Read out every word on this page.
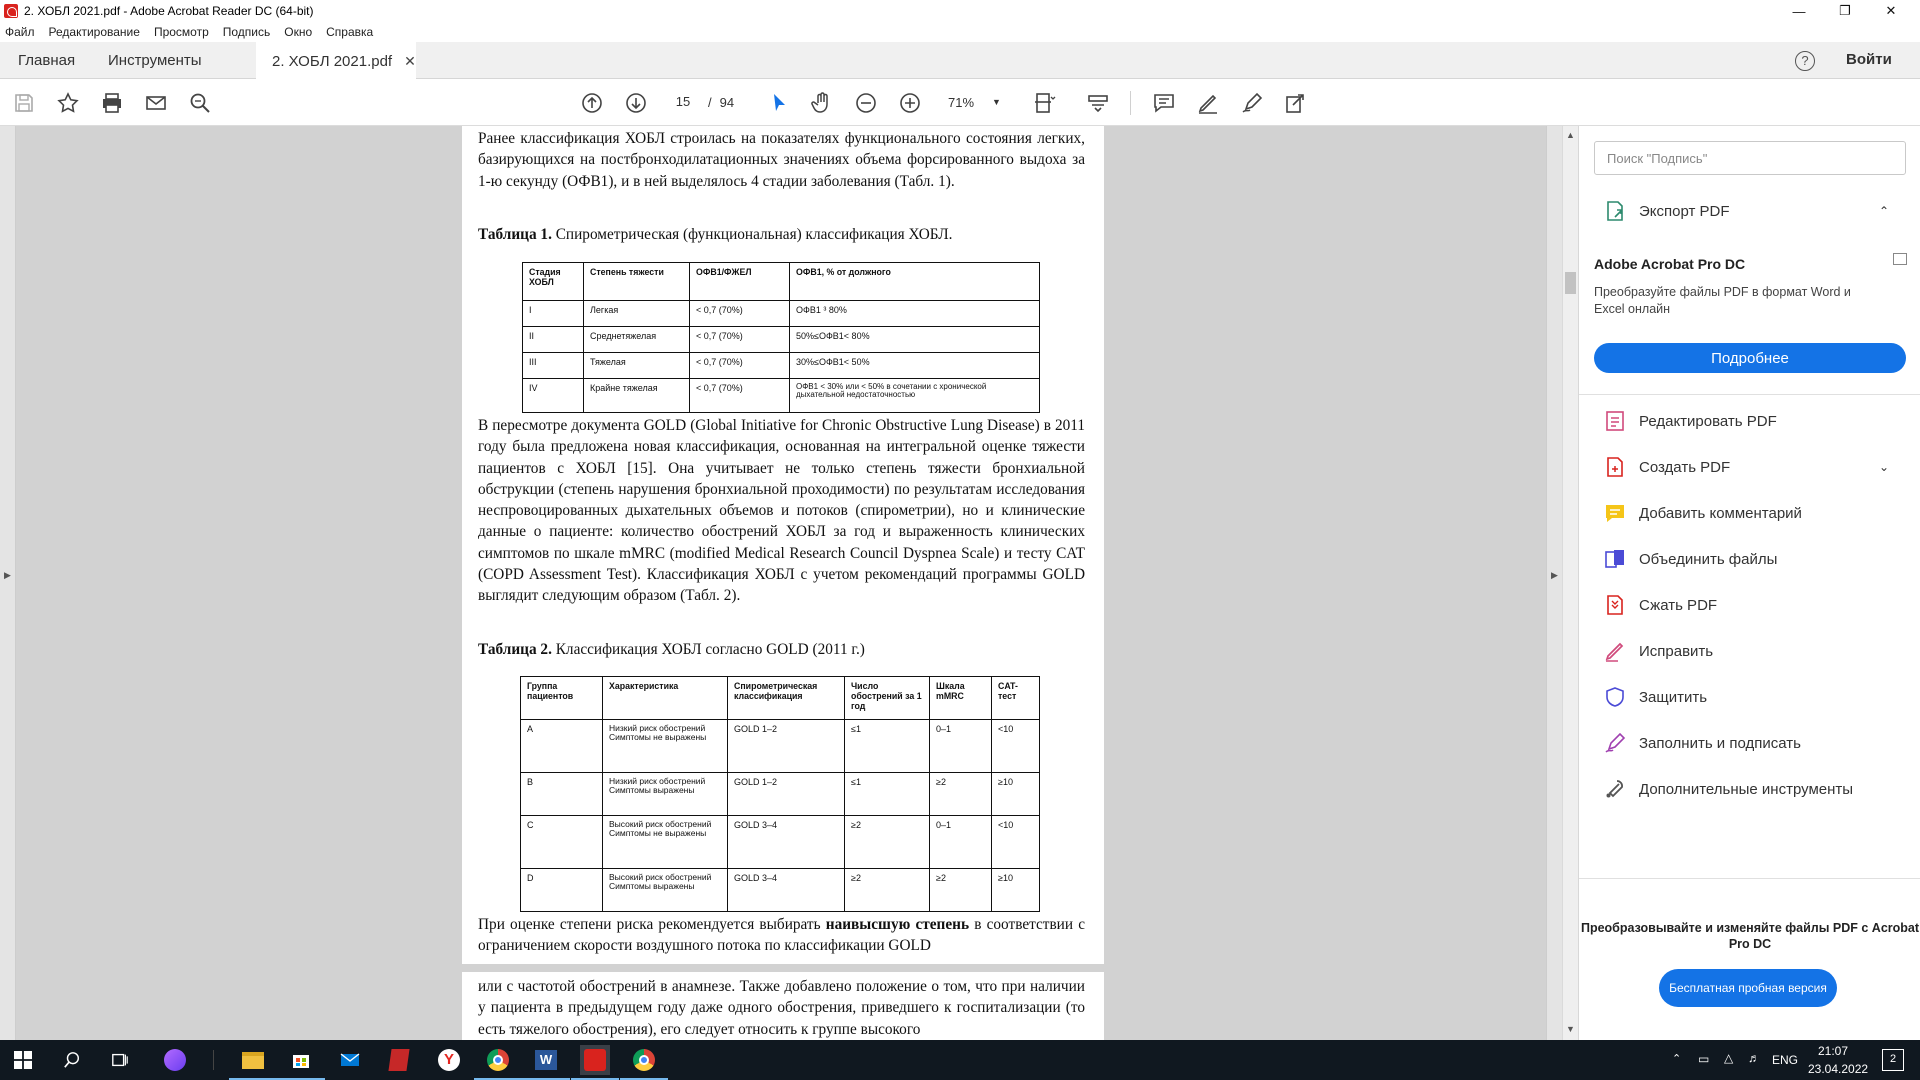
2. ХОБЛ 2021.pdf - Adobe Acrobat Reader DC (64-bit)	—	❐	✕
Файл Редактирование Просмотр Подпись Окно Справка
Главная Инструменты	2. ХОБЛ 2021.pdf ✕	?	Войти
15	/ 94	71% ▼
▶
Ранее классификация ХОБЛ строилась на показателях функционального состояния легких, базирующихся на постбронходилатационных значениях объема форсированного выдоха за 1-ю секунду (ОФВ1), и в ней выделялось 4 стадии заболевания (Табл. 1).
Таблица 1. Спирометрическая (функциональная) классификация ХОБЛ.
Стадия ХОБЛ	Степень тяжести	ОФВ1/ФЖЕЛ	ОФВ1, % от должного
I	Легкая	< 0,7 (70%)	ОФВ1 ³ 80%
II	Среднетяжелая	< 0,7 (70%)	50%≤ОФВ1< 80%
III	Тяжелая	< 0,7 (70%)	30%≤ОФВ1< 50%
IV	Крайне тяжелая	< 0,7 (70%)	ОФВ1 < 30% или < 50% в сочетании с хронической дыхательной недостаточностью
В пересмотре документа GOLD (Global Initiative for Chronic Obstructive Lung Disease) в 2011 году была предложена новая классификация, основанная на интегральной оценке тяжести пациентов с ХОБЛ [15]. Она учитывает не только степень тяжести бронхиальной обструкции (степень нарушения бронхиальной проходимости) по результатам исследования неспровоцированных дыхательных объемов и потоков (спирометрии), но и клинические данные о пациенте: количество обострений ХОБЛ за год и выраженность клинических симптомов по шкале mMRC (modified Medical Research Council Dyspnea Scale) и тесту CAT (COPD Assessment Test). Классификация ХОБЛ с учетом рекомендаций программы GOLD выглядит следующим образом (Табл. 2).
Таблица 2. Классификация ХОБЛ согласно GOLD (2011 г.)
Группа пациентов	Характеристика	Спирометрическая классификация	Число обострений за 1 год	Шкала mMRC	CAT-тест
A	Низкий риск обострений Симптомы не выражены	GOLD 1–2	≤1	0–1	<10
B	Низкий риск обострений Симптомы выражены	GOLD 1–2	≤1	≥2	≥10
C	Высокий риск обострений Симптомы не выражены	GOLD 3–4	≥2	0–1	<10
D	Высокий риск обострений Симптомы выражены	GOLD 3–4	≥2	≥2	≥10
При оценке степени риска рекомендуется выбирать наивысшую степень в соответствии с ограничением скорости воздушного потока по классификации GOLD
или с частотой обострений в анамнезе. Также добавлено положение о том, что при наличии у пациента в предыдущем году даже одного обострения, приведшего к госпитализации (то есть тяжелого обострения), его следует относить к группе высокого
▶
▲
▼
Поиск "Подпись"
Экспорт PDF	⌃
Adobe Acrobat Pro DC
Преобразуйте файлы PDF в формат Word и Excel онлайн
Подробнее
Редактировать PDF
Создать PDF	⌄
Добавить комментарий
Объединить файлы
Сжать PDF
Исправить
Защитить
Заполнить и подписать
Дополнительные инструменты
Преобразовывайте и изменяйте файлы PDF с Acrobat Pro DC
Бесплатная пробная версия
Y	W	⌃ ▭ △ ♬ ENG
21:07
23.04.2022
2
